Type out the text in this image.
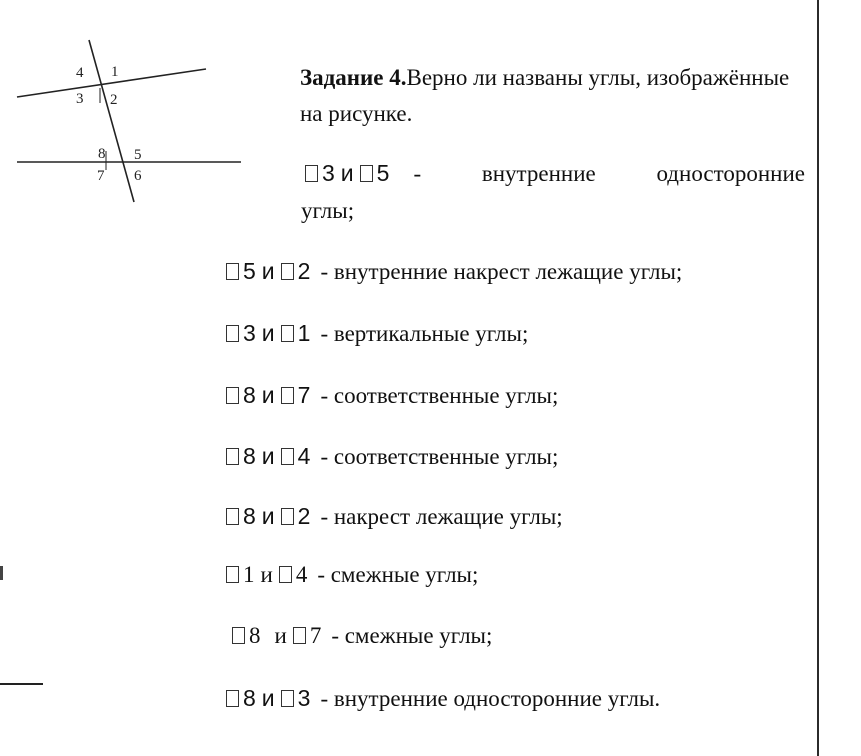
4 1
3 2
8 5
7 6
Задание 4.Верно ли названы углы, изображённые на рисунке.
3 и 5 -	внутренние	односторонние
углы;
5 и 2 - внутренние накрест лежащие углы;
3 и 1 - вертикальные углы;
8 и 7 - соответственные углы;
8 и 4 - соответственные углы;
8 и 2 - накрест лежащие углы;
1 и 4 - смежные углы;
8 и 7 - смежные углы;
8 и 3 - внутренние односторонние углы.
